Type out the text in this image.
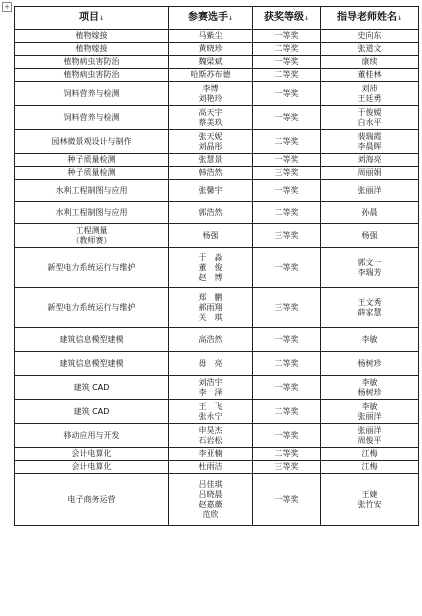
+
项目↓	参赛选手↓	获奖等级↓	指导老师姓名↓

植物嫁接	马紫尘	一等奖	史向东

植物嫁接	黄晓珍	二等奖	张道文

植物病虫害防治	魏梁斌	一等奖	康续

植物病虫害防治	哈斯苏布德	二等奖	董桂林

饲料营养与检测	李博
刘艳玲	一等奖	刘沛
王廷勇

饲料营养与检测	高天宇
蔡美玖	一等奖	于俊嫒
白水平

园林微景观设计与制作	张天妮
刘晶彤	二等奖	裴瑞霞
李晨晖

种子质量检测	张慧景	一等奖	刘海亮

种子质量检测	韩浩然	三等奖	周丽娟

水利工程制图与应用	张馨宇	一等奖	张丽洋

水利工程制图与应用	郭浩然	二等奖	孙晨

工程测量
（教师赛）	杨强	三等奖	杨强

新型电力系统运行与维护	于　淼
董　俊
赵　博	一等奖	郭文一
李瑞芳

新型电力系统运行与维护	郑　鹏
郝雨翔
关　琪	三等奖	王文秀
薛家慧

建筑信息模型建模	高浩然	一等奖	李敏

建筑信息模型建模	毋　亮	二等奖	杨树珍

建筑 CAD	刘浩宇
李　泽	一等奖	李敏
杨树珍

建筑 CAD	王　飞
张永宁	二等奖	李敏
张丽洋

移动应用与开发	申昊杰
石岩松	一等奖	张丽洋
周俊平

会计电算化	李亚楠	二等奖	江梅

会计电算化	杜雨洁	三等奖	江梅

电子商务运营	吕佳琪
吕晓晨
赵嘉薇
范欣	一等奖	王婕
张竹安
